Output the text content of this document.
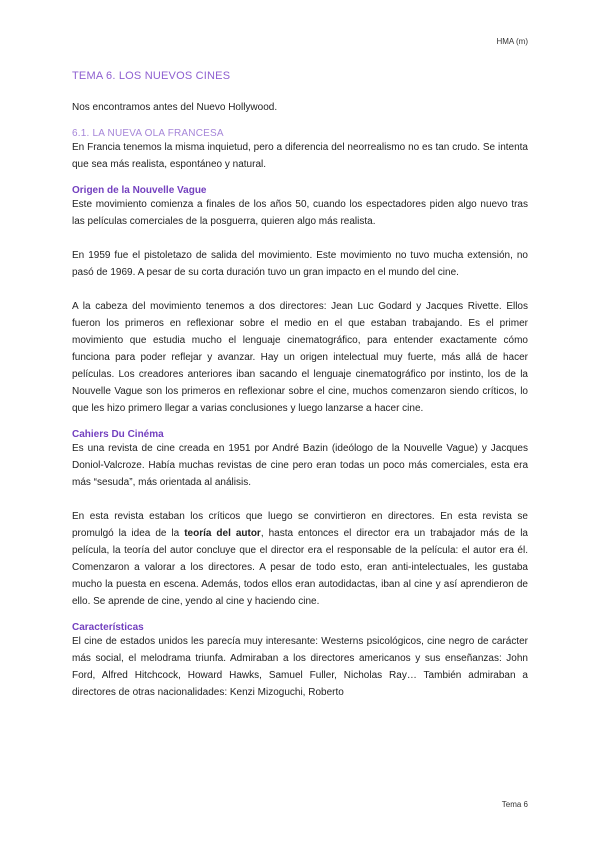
HMA (m)
TEMA 6. LOS NUEVOS CINES

Nos encontramos antes del Nuevo Hollywood.

6.1. LA NUEVA OLA FRANCESA

En Francia tenemos la misma inquietud, pero a diferencia del neorrealismo no es tan crudo. Se intenta que sea más realista, espontáneo y natural.

Origen de la Nouvelle Vague

Este movimiento comienza a finales de los años 50, cuando los espectadores piden algo nuevo tras las películas comerciales de la posguerra, quieren algo más realista.

En 1959 fue el pistoletazo de salida del movimiento. Este movimiento no tuvo mucha extensión, no pasó de 1969. A pesar de su corta duración tuvo un gran impacto en el mundo del cine.

A la cabeza del movimiento tenemos a dos directores: Jean Luc Godard y Jacques Rivette. Ellos fueron los primeros en reflexionar sobre el medio en el que estaban trabajando. Es el primer movimiento que estudia mucho el lenguaje cinematográfico, para entender exactamente cómo funciona para poder reflejar y avanzar. Hay un origen intelectual muy fuerte, más allá de hacer películas. Los creadores anteriores iban sacando el lenguaje cinematográfico por instinto, los de la Nouvelle Vague son los primeros en reflexionar sobre el cine, muchos comenzaron siendo críticos, lo que les hizo primero llegar a varias conclusiones y luego lanzarse a hacer cine.

Cahiers Du Cinéma

Es una revista de cine creada en 1951 por André Bazin (ideólogo de la Nouvelle Vague) y Jacques Doniol-Valcroze. Había muchas revistas de cine pero eran todas un poco más comerciales, esta era más “sesuda”, más orientada al análisis.

En esta revista estaban los críticos que luego se convirtieron en directores. En esta revista se promulgó la idea de la teoría del autor, hasta entonces el director era un trabajador más de la película, la teoría del autor concluye que el director era el responsable de la película: el autor era él. Comenzaron a valorar a los directores. A pesar de todo esto, eran anti-intelectuales, les gustaba mucho la puesta en escena. Además, todos ellos eran autodidactas, iban al cine y así aprendieron de ello. Se aprende de cine, yendo al cine y haciendo cine.

Características

El cine de estados unidos les parecía muy interesante: Westerns psicológicos, cine negro de carácter más social, el melodrama triunfa. Admiraban a los directores americanos y sus enseñanzas: John Ford, Alfred Hitchcock, Howard Hawks, Samuel Fuller, Nicholas Ray… También admiraban a directores de otras nacionalidades: Kenzi Mizoguchi, Roberto

Tema 6
